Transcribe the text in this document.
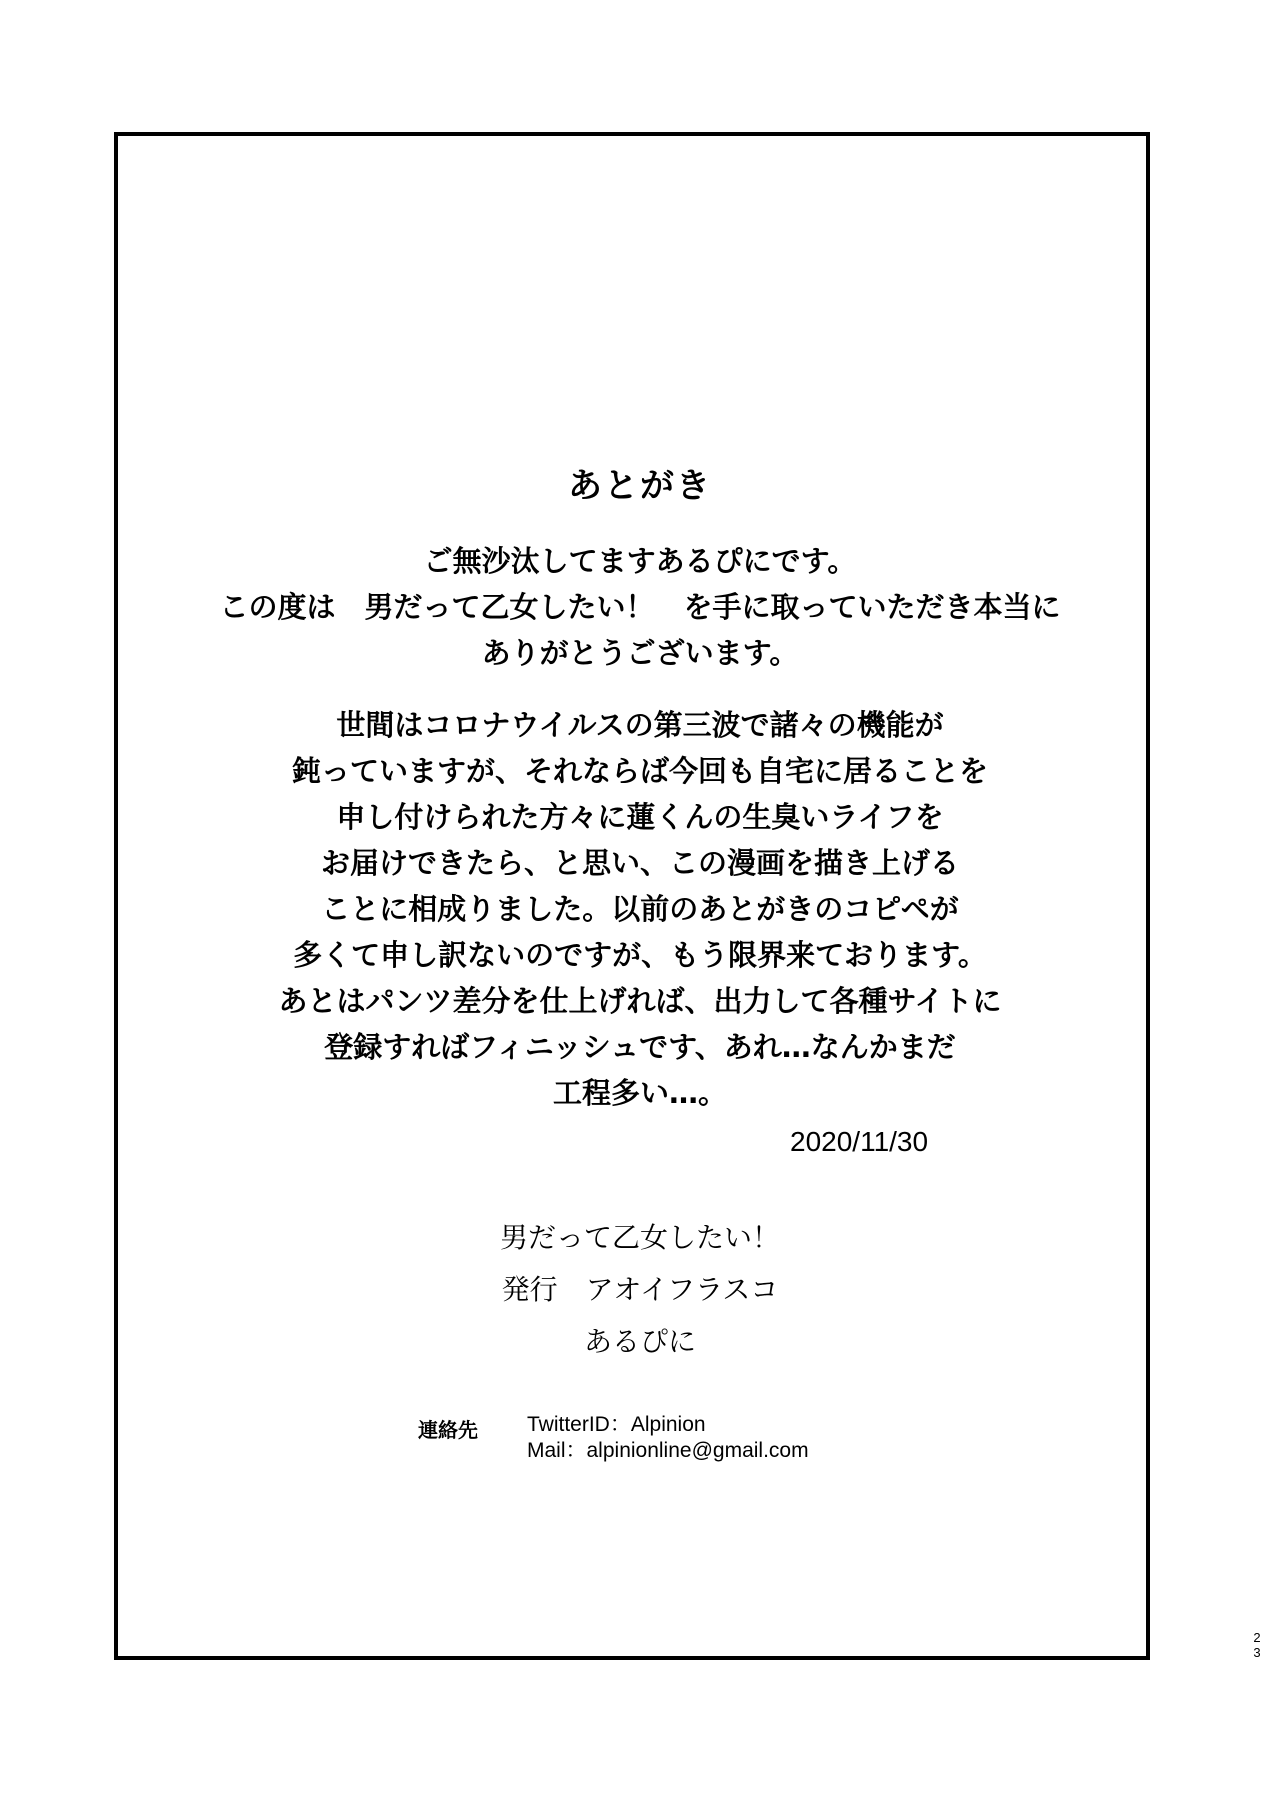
あとがき
ご無沙汰してますあるぴにです。
この度は　男だって乙女したい！　を手に取っていただき本当に
ありがとうございます。
世間はコロナウイルスの第三波で諸々の機能が
鈍っていますが、それならば今回も自宅に居ることを
申し付けられた方々に蓮くんの生臭いライフを
お届けできたら、と思い、この漫画を描き上げる
ことに相成りました。以前のあとがきのコピペが
多くて申し訳ないのですが、もう限界来ております。
あとはパンツ差分を仕上げれば、出力して各種サイトに
登録すればフィニッシュです、あれ…なんかまだ
工程多い…。
2020/11/30
男だって乙女したい！
発行 アオイフラスコ
あるぴに
連絡先 TwitterID：Alpinion
Mail：alpinionline@gmail.com
2
3
